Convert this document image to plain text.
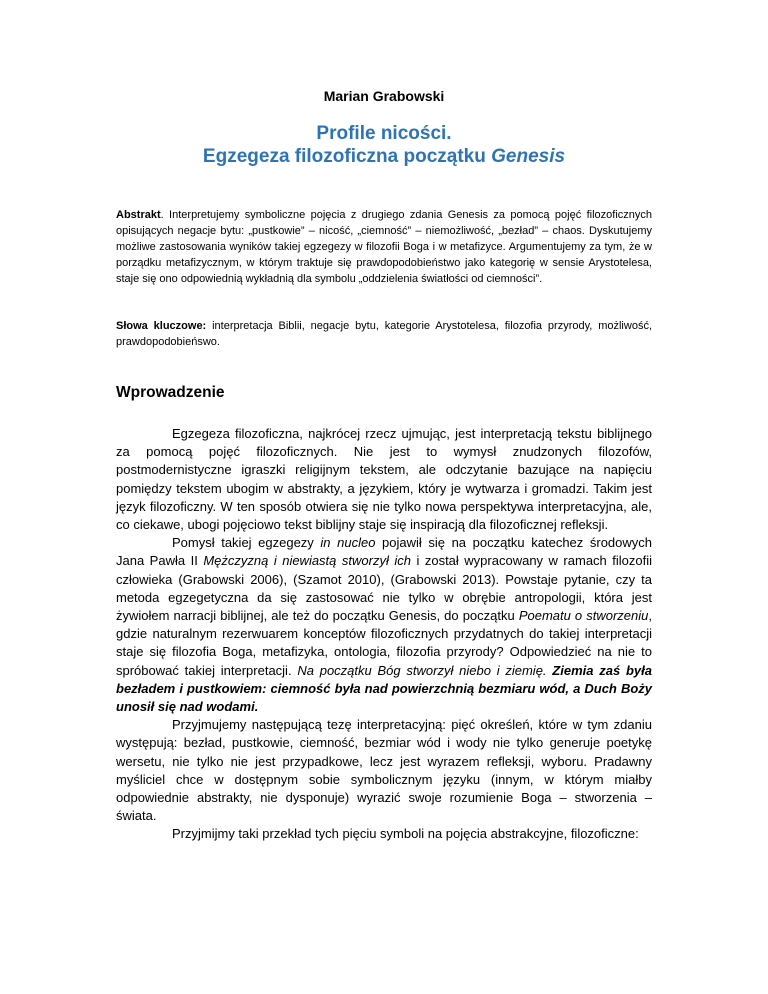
Marian Grabowski
Profile nicości.
Egzegeza filozoficzna początku Genesis
Abstrakt. Interpretujemy symboliczne pojęcia z drugiego zdania Genesis za pomocą pojęć filozoficznych opisujących negacje bytu: „pustkowie” – nicość, „ciemność” – niemożliwość, „bezład” – chaos. Dyskutujemy możliwe zastosowania wyników takiej egzegezy w filozofii Boga i w metafizyce. Argumentujemy za tym, że w porządku metafizycznym, w którym traktuje się prawdopodobieństwo jako kategorię w sensie Arystotelesa, staje się ono odpowiednią wykładnią dla symbolu „oddzielenia światłości od ciemności”.
Słowa kluczowe: interpretacja Biblii, negacje bytu, kategorie Arystotelesa, filozofia przyrody, możliwość, prawdopodobieńswo.
Wprowadzenie

Egzegeza filozoficzna, najkrócej rzecz ujmując, jest interpretacją tekstu biblijnego za pomocą pojęć filozoficznych. Nie jest to wymysł znudzonych filozofów, postmodernistyczne igraszki religijnym tekstem, ale odczytanie bazujące na napięciu pomiędzy tekstem ubogim w abstrakty, a językiem, który je wytwarza i gromadzi. Takim jest język filozoficzny. W ten sposób otwiera się nie tylko nowa perspektywa interpretacyjna, ale, co ciekawe, ubogi pojęciowo tekst biblijny staje się inspiracją dla filozoficznej refleksji.

Pomysł takiej egzegezy in nucleo pojawił się na początku katechez środowych Jana Pawła II Mężczyzną i niewiastą stworzył ich i został wypracowany w ramach filozofii człowieka (Grabowski 2006), (Szamot 2010), (Grabowski 2013). Powstaje pytanie, czy ta metoda egzegetyczna da się zastosować nie tylko w obrębie antropologii, która jest żywiołem narracji biblijnej, ale też do początku Genesis, do początku Poematu o stworzeniu, gdzie naturalnym rezerwuarem konceptów filozoficznych przydatnych do takiej interpretacji staje się filozofia Boga, metafizyka, ontologia, filozofia przyrody? Odpowiedzieć na nie to spróbować takiej interpretacji. Na początku Bóg stworzył niebo i ziemię. Ziemia zaś była bezładem i pustkowiem: ciemność była nad powierzchnią bezmiaru wód, a Duch Boży unosił się nad wodami.

Przyjmujemy następującą tezę interpretacyjną: pięć określeń, które w tym zdaniu występują: bezład, pustkowie, ciemność, bezmiar wód i wody nie tylko generuje poetykę wersetu, nie tylko nie jest przypadkowe, lecz jest wyrazem refleksji, wyboru. Pradawny myśliciel chce w dostępnym sobie symbolicznym języku (innym, w którym miałby odpowiednie abstrakty, nie dysponuje) wyrazić swoje rozumienie Boga – stworzenia – świata.

Przyjmijmy taki przekład tych pięciu symboli na pojęcia abstrakcyjne, filozoficzne:
